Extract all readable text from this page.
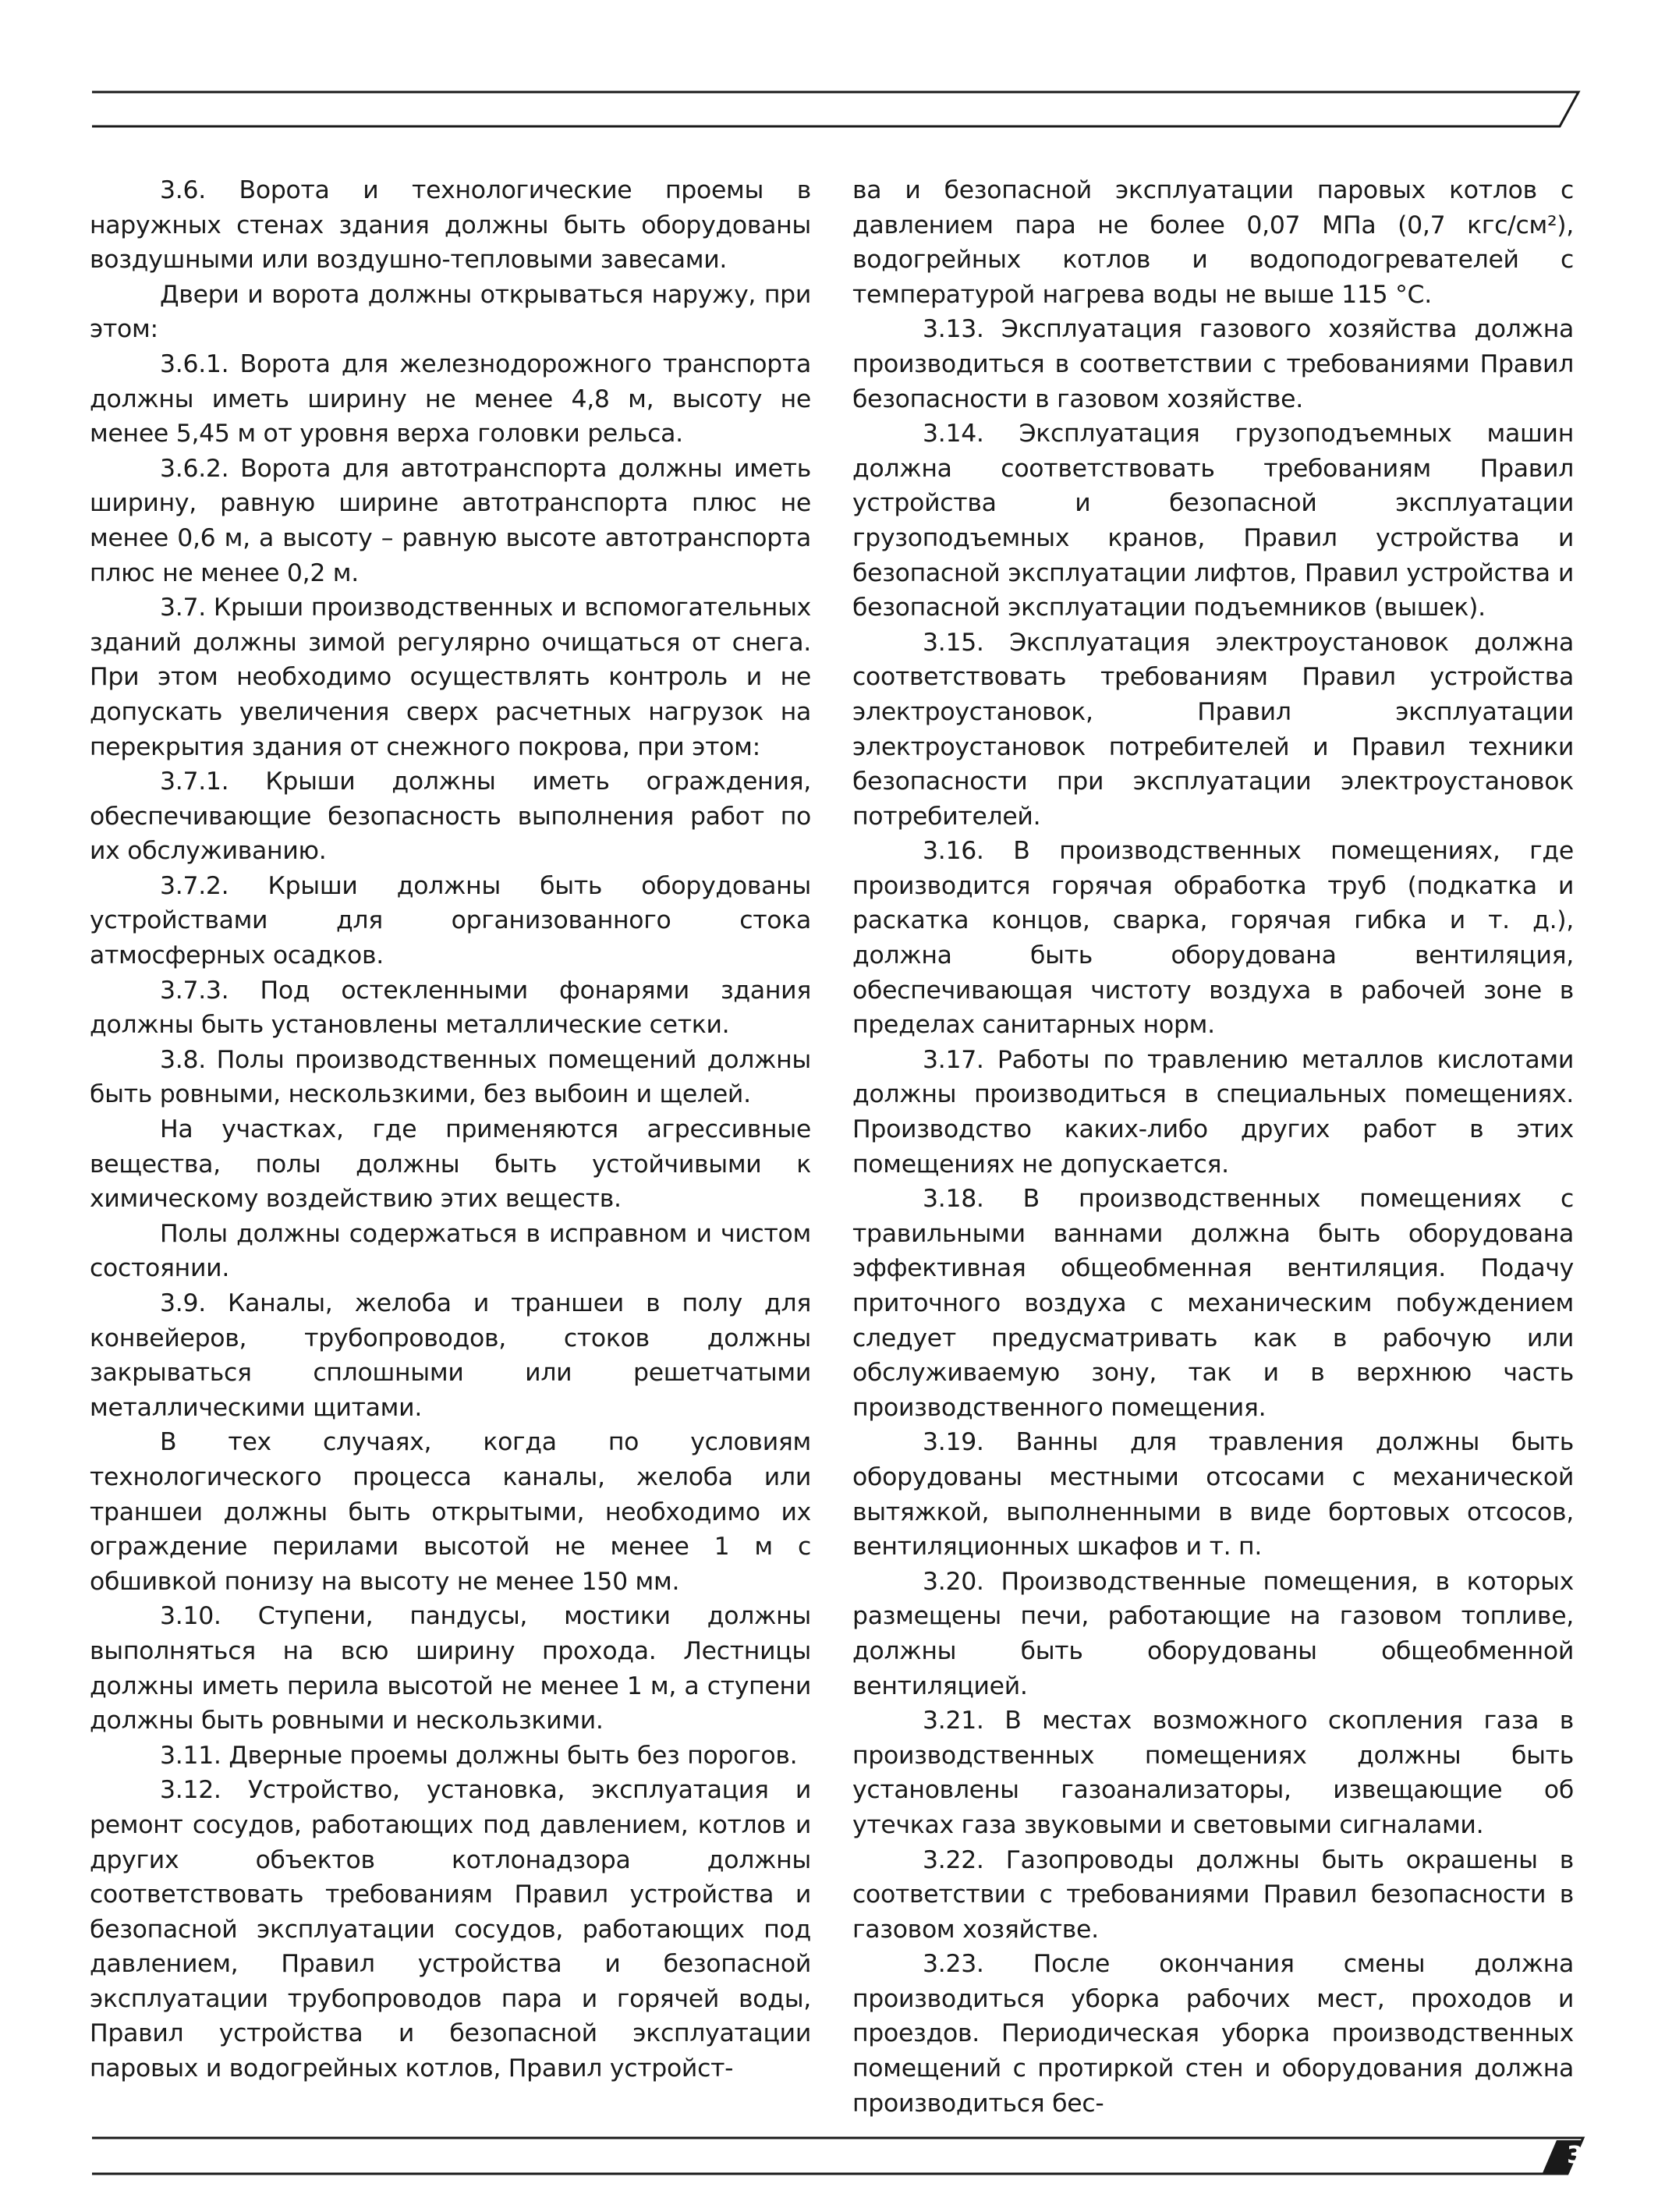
3.6. Ворота и технологические проемы в наружных стенах здания должны быть оборудованы воздушными или воздушно-тепловыми завесами.

Двери и ворота должны открываться наружу, при этом:

3.6.1. Ворота для железнодорожного транспорта должны иметь ширину не менее 4,8 м, высоту не менее 5,45 м от уровня верха головки рельса.

3.6.2. Ворота для автотранспорта должны иметь ширину, равную ширине автотранспорта плюс не менее 0,6 м, а высоту – равную высоте автотранспорта плюс не менее 0,2 м.

3.7. Крыши производственных и вспомогательных зданий должны зимой регулярно очищаться от снега. При этом необходимо осуществлять контроль и не допускать увеличения сверх расчетных нагрузок на перекрытия здания от снежного покрова, при этом:

3.7.1. Крыши должны иметь ограждения, обеспечивающие безопасность выполнения работ по их обслуживанию.

3.7.2. Крыши должны быть оборудованы устройствами для организованного стока атмосферных осадков.

3.7.3. Под остекленными фонарями здания должны быть установлены металлические сетки.

3.8. Полы производственных помещений должны быть ровными, нескользкими, без выбоин и щелей.

На участках, где применяются агрессивные вещества, полы должны быть устойчивыми к химическому воздействию этих веществ.

Полы должны содержаться в исправном и чистом состоянии.

3.9. Каналы, желоба и траншеи в полу для конвейеров, трубопроводов, стоков должны закрываться сплошными или решетчатыми металлическими щитами.

В тех случаях, когда по условиям технологического процесса каналы, желоба или траншеи должны быть открытыми, необходимо их ограждение перилами высотой не менее 1 м с обшивкой понизу на высоту не менее 150 мм.

3.10. Ступени, пандусы, мостики должны выполняться на всю ширину прохода. Лестницы должны иметь перила высотой не менее 1 м, а ступени должны быть ровными и нескользкими.

3.11. Дверные проемы должны быть без порогов.

3.12. Устройство, установка, эксплуатация и ремонт сосудов, работающих под давлением, котлов и других объектов котлонадзора должны соответствовать требованиям Правил устройства и безопасной эксплуатации сосудов, работающих под давлением, Правил устройства и безопасной эксплуатации трубопроводов пара и горячей воды, Правил устройства и безопасной эксплуатации паровых и водогрейных котлов, Правил устройст-

ва и безопасной эксплуатации паровых котлов с давлением пара не более 0,07 МПа (0,7 кгс/см²), водогрейных котлов и водоподогревателей с температурой нагрева воды не выше 115 °С.

3.13. Эксплуатация газового хозяйства должна производиться в соответствии с требованиями Правил безопасности в газовом хозяйстве.

3.14. Эксплуатация грузоподъемных машин должна соответствовать требованиям Правил устройства и безопасной эксплуатации грузоподъемных кранов, Правил устройства и безопасной эксплуатации лифтов, Правил устройства и безопасной эксплуатации подъемников (вышек).

3.15. Эксплуатация электроустановок должна соответствовать требованиям Правил устройства электроустановок, Правил эксплуатации электроустановок потребителей и Правил техники безопасности при эксплуатации электроустановок потребителей.

3.16. В производственных помещениях, где производится горячая обработка труб (подкатка и раскатка концов, сварка, горячая гибка и т. д.), должна быть оборудована вентиляция, обеспечивающая чистоту воздуха в рабочей зоне в пределах санитарных норм.

3.17. Работы по травлению металлов кислотами должны производиться в специальных помещениях. Производство каких-либо других работ в этих помещениях не допускается.

3.18. В производственных помещениях с травильными ваннами должна быть оборудована эффективная общеобменная вентиляция. Подачу приточного воздуха с механическим побуждением следует предусматривать как в рабочую или обслуживаемую зону, так и в верхнюю часть производственного помещения.

3.19. Ванны для травления должны быть оборудованы местными отсосами с механической вытяжкой, выполненными в виде бортовых отсосов, вентиляционных шкафов и т. п.

3.20. Производственные помещения, в которых размещены печи, работающие на газовом топливе, должны быть оборудованы общеобменной вентиляцией.

3.21. В местах возможного скопления газа в производственных помещениях должны быть установлены газоанализаторы, извещающие об утечках газа звуковыми и световыми сигналами.

3.22. Газопроводы должны быть окрашены в соответствии с требованиями Правил безопасности в газовом хозяйстве.

3.23. После окончания смены должна производиться уборка рабочих мест, проходов и проездов. Периодическая уборка производственных помещений с протиркой стен и оборудования должна производиться бес-

37
